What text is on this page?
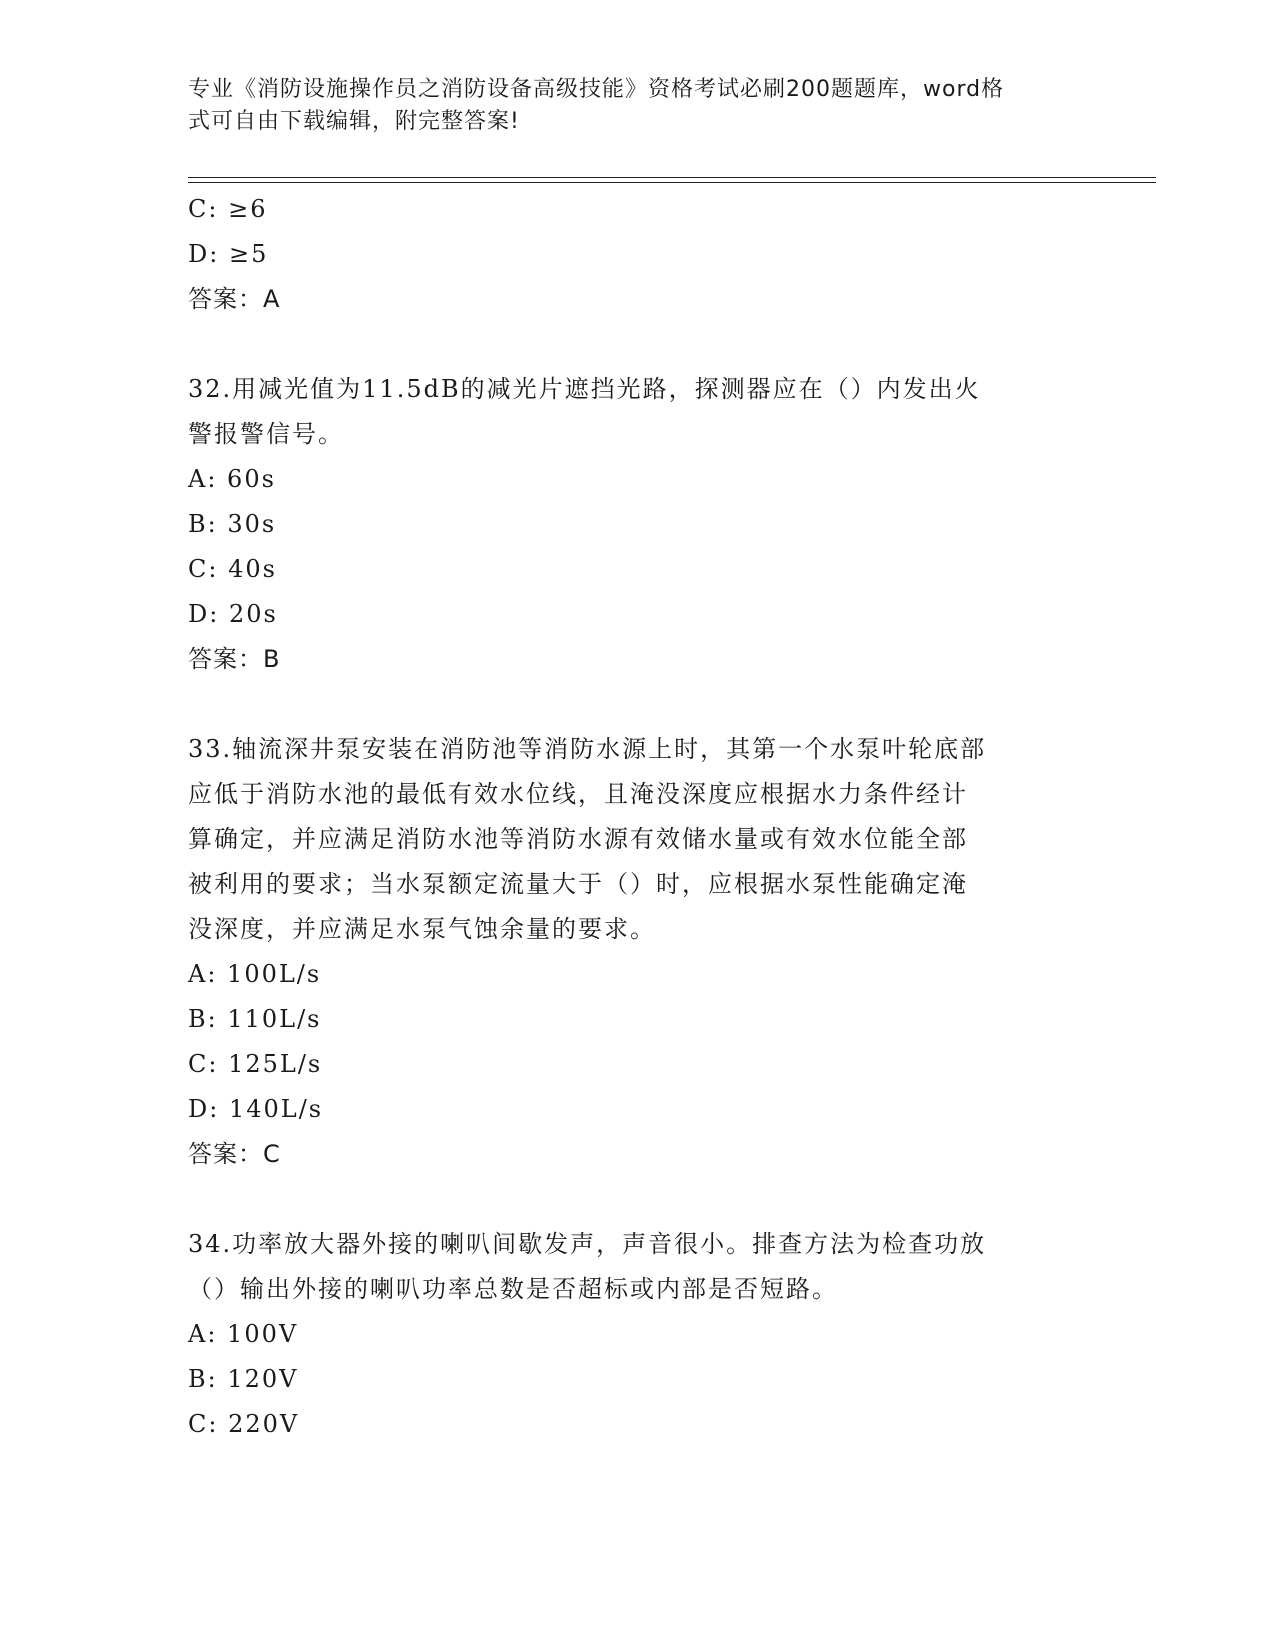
专业《消防设施操作员之消防设备高级技能》资格考试必刷200题题库，word格
式可自由下载编辑，附完整答案!
C: ≥6
D: ≥5
答案：A
32.用减光值为11.5dB的减光片遮挡光路，探测器应在（）内发出火
警报警信号。
A: 60s
B: 30s
C: 40s
D: 20s
答案：B
33.轴流深井泵安装在消防池等消防水源上时，其第一个水泵叶轮底部
应低于消防水池的最低有效水位线，且淹没深度应根据水力条件经计
算确定，并应满足消防水池等消防水源有效储水量或有效水位能全部
被利用的要求；当水泵额定流量大于（）时，应根据水泵性能确定淹
没深度，并应满足水泵气蚀余量的要求。
A: 100L/s
B: 110L/s
C: 125L/s
D: 140L/s
答案：C
34.功率放大器外接的喇叭间歇发声，声音很小。排查方法为检查功放
（）输出外接的喇叭功率总数是否超标或内部是否短路。
A: 100V
B: 120V
C: 220V
